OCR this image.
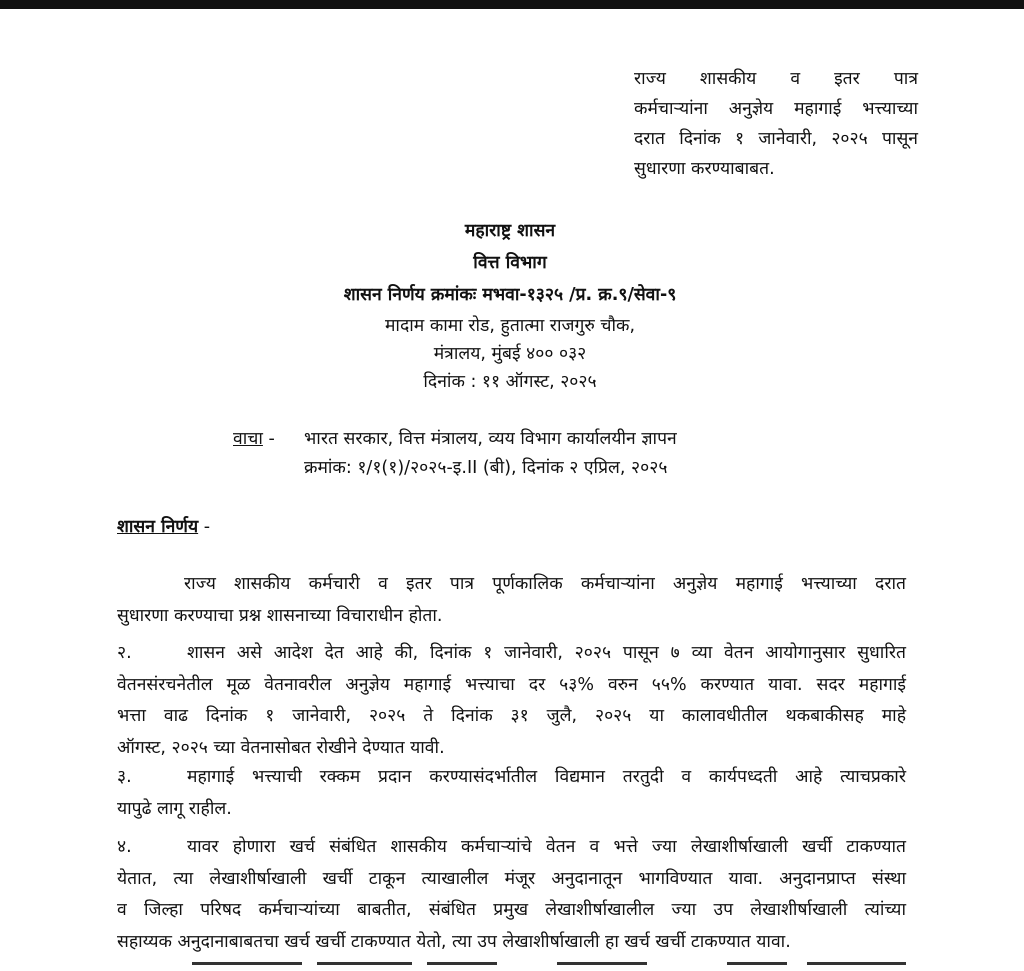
राज्य शासकीय व इतर पात्र
कर्मचाऱ्यांना अनुज्ञेय महागाई भत्त्याच्या
दरात दिनांक १ जानेवारी, २०२५ पासून
सुधारणा करण्याबाबत.
महाराष्ट्र शासन
वित्त विभाग
शासन निर्णय क्रमांकः मभवा-१३२५ /प्र. क्र.९/सेवा-९
मादाम कामा रोड, हुतात्मा राजगुरु चौक,
मंत्रालय, मुंबई ४०० ०३२
दिनांक : ११ ऑगस्ट, २०२५
वाचा - भारत सरकार, वित्त मंत्रालय, व्यय विभाग कार्यालयीन ज्ञापन
क्रमांक: १/१(१)/२०२५-इ.II (बी), दिनांक २ एप्रिल, २०२५
शासन निर्णय -
राज्य शासकीय कर्मचारी व इतर पात्र पूर्णकालिक कर्मचाऱ्यांना अनुज्ञेय महागाई भत्त्याच्या दरात
सुधारणा करण्याचा प्रश्न शासनाच्या विचाराधीन होता.
२.	शासन असे आदेश देत आहे की, दिनांक १ जानेवारी, २०२५ पासून ७ व्या वेतन आयोगानुसार सुधारित
वेतनसंरचनेतील मूळ वेतनावरील अनुज्ञेय महागाई भत्त्याचा दर ५३% वरुन ५५% करण्यात यावा. सदर महागाई
भत्ता वाढ दिनांक १ जानेवारी, २०२५ ते दिनांक ३१ जुलै, २०२५ या कालावधीतील थकबाकीसह माहे
ऑगस्ट, २०२५ च्या वेतनासोबत रोखीने देण्यात यावी.
३.	महागाई भत्त्याची रक्कम प्रदान करण्यासंदर्भातील विद्यमान तरतुदी व कार्यपध्दती आहे त्याचप्रकारे
यापुढे लागू राहील.
४.	यावर होणारा खर्च संबंधित शासकीय कर्मचाऱ्यांचे वेतन व भत्ते ज्या लेखाशीर्षाखाली खर्ची टाकण्यात
येतात, त्या लेखाशीर्षाखाली खर्ची टाकून त्याखालील मंजूर अनुदानातून भागविण्यात यावा. अनुदानप्राप्त संस्था
व जिल्हा परिषद कर्मचाऱ्यांच्या बाबतीत, संबंधित प्रमुख लेखाशीर्षाखालील ज्या उप लेखाशीर्षाखाली त्यांच्या
सहाय्यक अनुदानाबाबतचा खर्च खर्ची टाकण्यात येतो, त्या उप लेखाशीर्षाखाली हा खर्च खर्ची टाकण्यात यावा.
